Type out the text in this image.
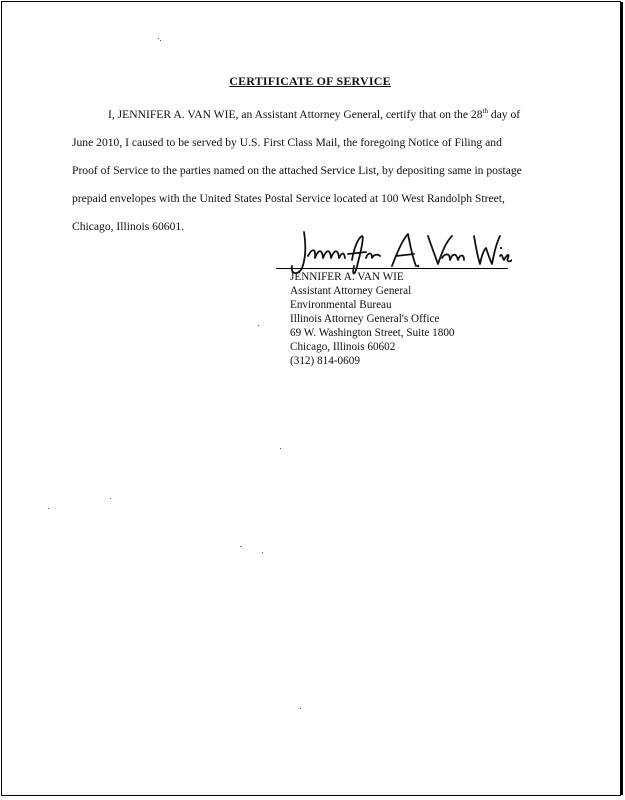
CERTIFICATE OF SERVICE
I, JENNIFER A. VAN WIE, an Assistant Attorney General, certify that on the 28th day of
June 2010, I caused to be served by U.S. First Class Mail, the foregoing Notice of Filing and
Proof of Service to the parties named on the attached Service List, by depositing same in postage
prepaid envelopes with the United States Postal Service located at 100 West Randolph Street,
Chicago, Illinois 60601.
JENNIFER A. VAN WIE
Assistant Attorney General
Environmental Bureau
Illinois Attorney General's Office
69 W. Washington Street, Suite 1800
Chicago, Illinois 60602
(312) 814-0609
